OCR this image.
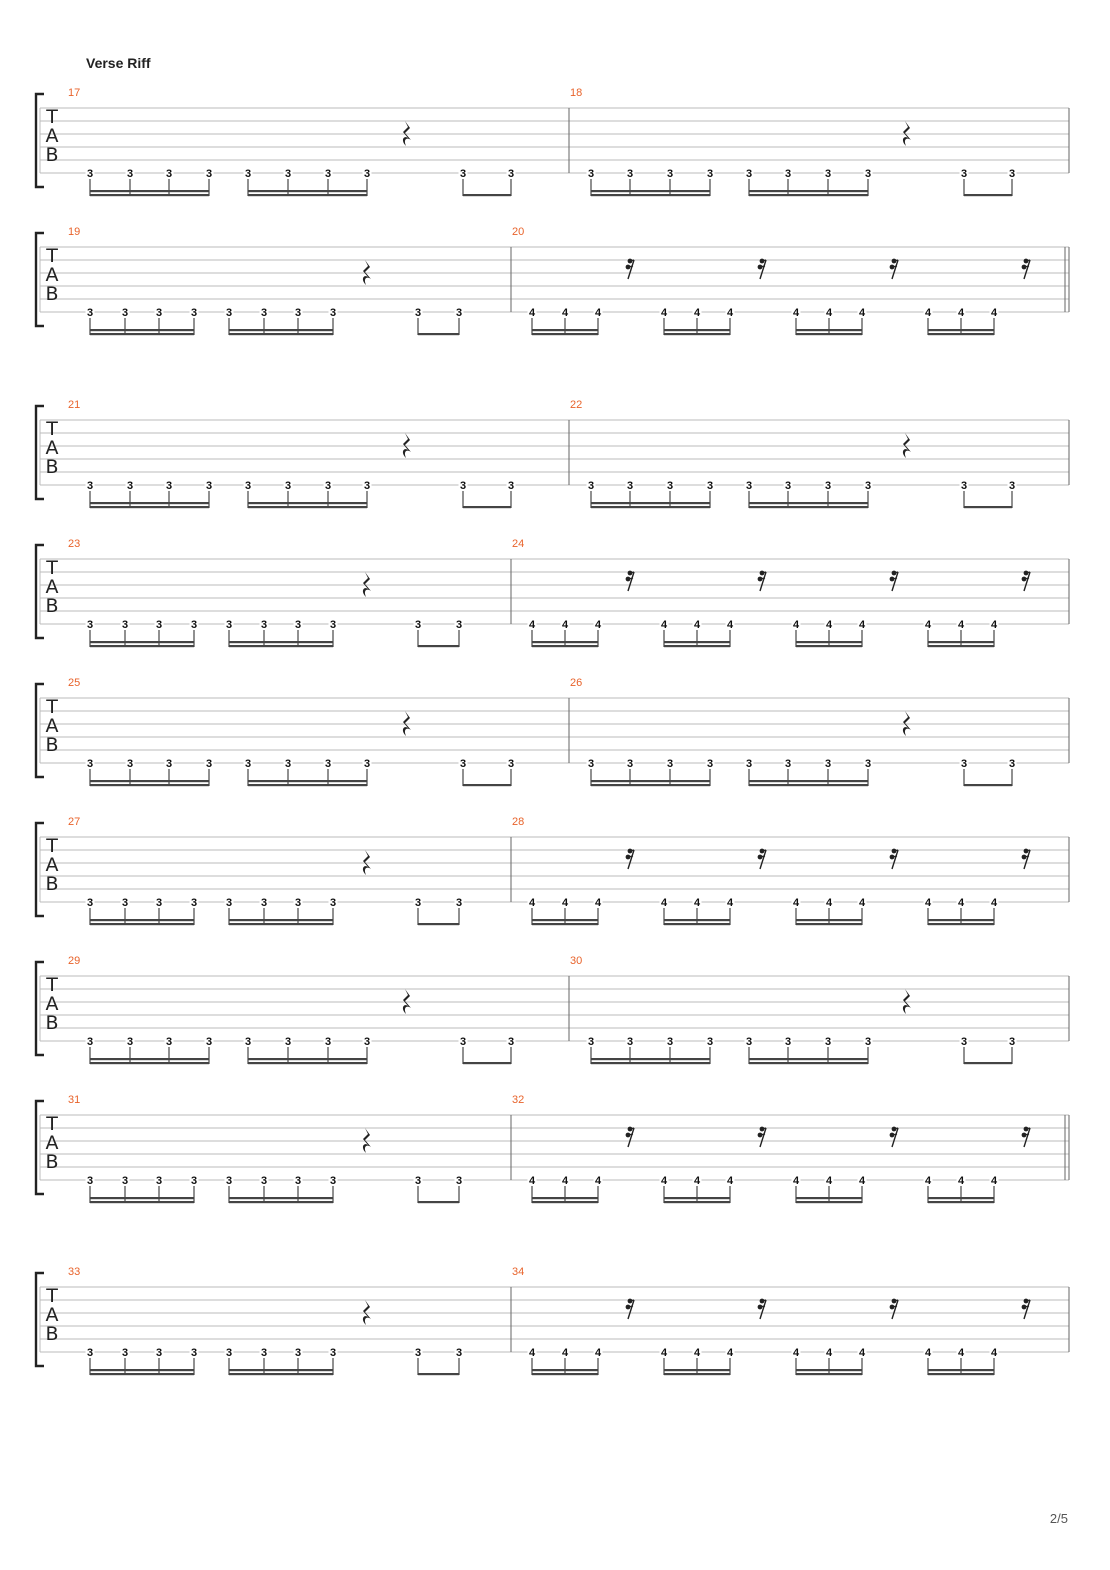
Verse Riff
T
A
B
17	18
3	3	3	3	3	3	3	3	3	3	3	3	3	3	3	3	3	3	3	3
T
A
B
19	20
3	3	3	3	3	3	3	3	3	3	4 4 4	4 4 4	4 4 4	4 4 4
T
A
B
21	22
3	3	3	3	3	3	3	3	3	3	3	3	3	3	3	3	3	3	3	3
T
A
B
23	24
3	3	3	3	3	3	3	3	3	3	4 4 4	4 4 4	4 4 4	4 4 4
T
A
B
25	26
3	3	3	3	3	3	3	3	3	3	3	3	3	3	3	3	3	3	3	3
T
A
B
27	28
3	3	3	3	3	3	3	3	3	3	4 4 4	4 4 4	4 4 4	4 4 4
T
A
B
29	30
3	3	3	3	3	3	3	3	3	3	3	3	3	3	3	3	3	3	3	3
T
A
B
31	32
3	3	3	3	3	3	3	3	3	3	4 4 4	4 4 4	4 4 4	4 4 4
T
A
B
33	34
3	3	3	3	3	3	3	3	3	3	4 4 4	4 4 4	4 4 4	4 4 4
2/5
